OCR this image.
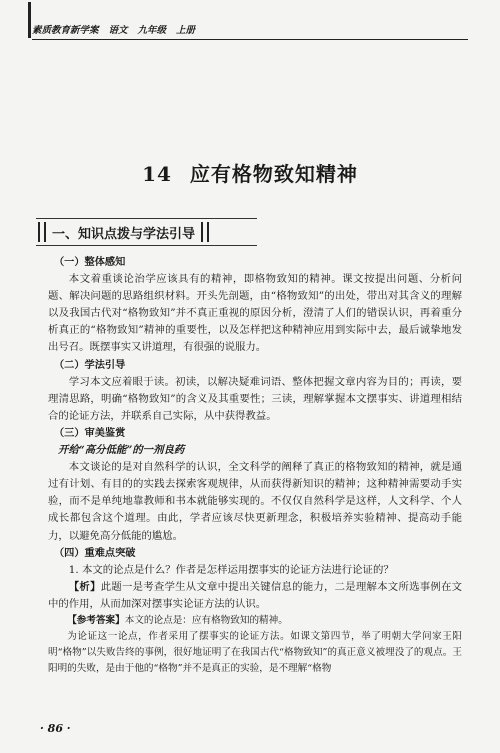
素质教育新学案 语文 九年级 上册
14 应有格物致知精神
一、知识点拨与学法引导
（一）整体感知

本文着重谈论治学应该具有的精神，即格物致知的精神。课文按提出问题、分析问题、解决问题的思路组织材料。开头先剖题，由“格物致知”的出处，带出对其含义的理解以及我国古代对“格物致知”并不真正重视的原因分析，澄清了人们的错误认识，再着重分析真正的“格物致知”精神的重要性，以及怎样把这种精神应用到实际中去，最后诚挚地发出号召。既摆事实又讲道理，有很强的说服力。

（二）学法引导

学习本文应着眼于读。初读，以解决疑难词语、整体把握文章内容为目的；再读，要理清思路，明确“格物致知”的含义及其重要性；三读，理解掌握本文摆事实、讲道理相结合的论证方法，并联系自己实际，从中获得教益。

（三）审美鉴赏
开给“高分低能”的一剂良药

本文谈论的是对自然科学的认识，全文科学的阐释了真正的格物致知的精神，就是通过有计划、有目的的实践去探索客观规律，从而获得新知识的精神；这种精神需要动手实验，而不是单纯地靠教师和书本就能够实现的。不仅仅自然科学是这样，人文科学、个人成长都包含这个道理。由此，学者应该尽快更新理念，积极培养实验精神、提高动手能力，以避免高分低能的尴尬。

（四）重难点突破

1. 本文的论点是什么？作者是怎样运用摆事实的论证方法进行论证的？

【析】此题一是考查学生从文章中提出关键信息的能力，二是理解本文所选事例在文中的作用，从而加深对摆事实论证方法的认识。

【参考答案】本文的论点是：应有格物致知的精神。

为论证这一论点，作者采用了摆事实的论证方法。如课文第四节，举了明朝大学问家王阳明“格物”以失败告终的事例，很好地证明了在我国古代“格物致知”的真正意义被埋没了的观点。王阳明的失败，是由于他的“格物”并不是真正的实验，是不理解“格物

· 86 ·
